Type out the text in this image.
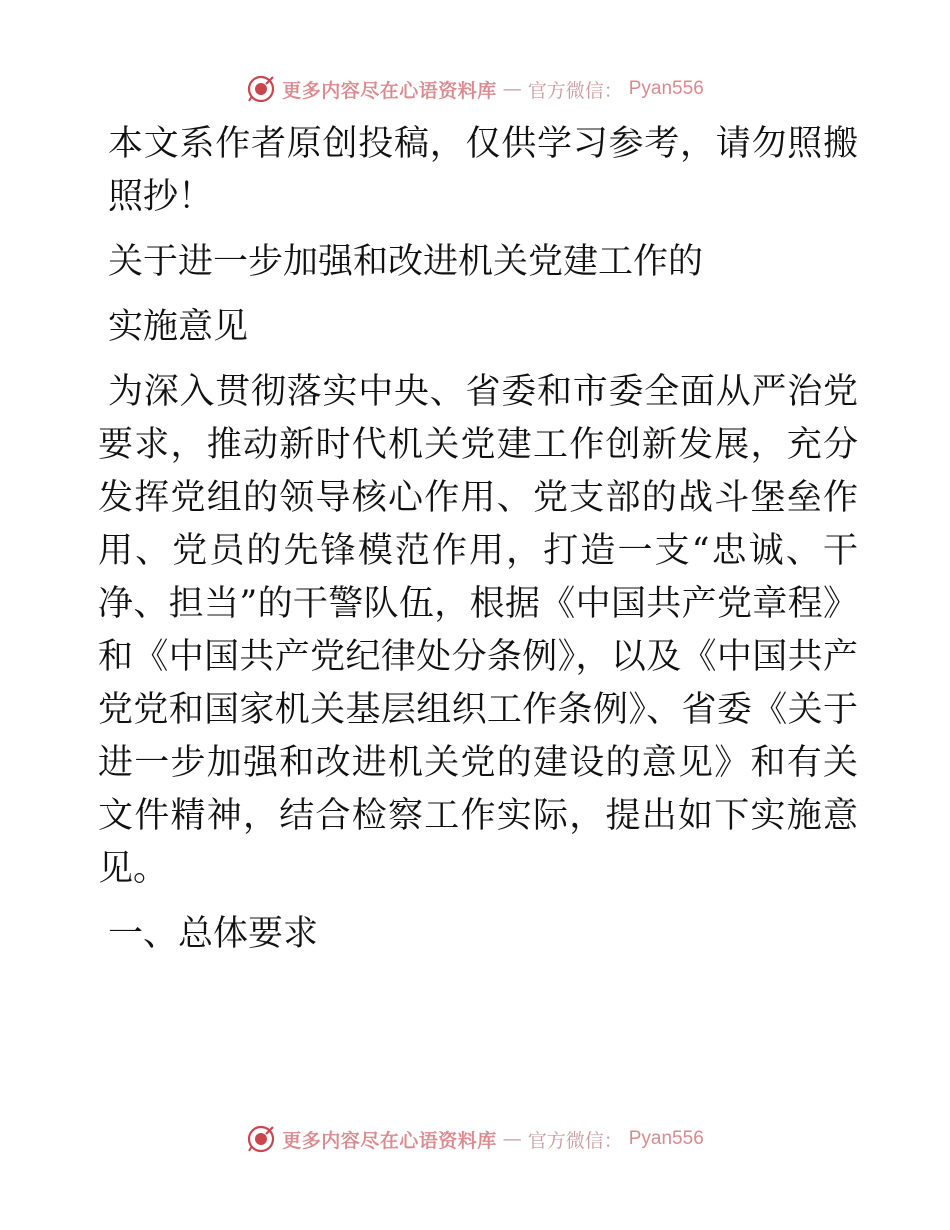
更多内容尽在心语资料库 — 官方微信： Pyan556

本文系作者原创投稿，仅供学习参考，请勿照搬照抄！

关于进一步加强和改进机关党建工作的

实施意见

为深入贯彻落实中央、省委和市委全面从严治党要求，推动新时代机关党建工作创新发展，充分发挥党组的领导核心作用、党支部的战斗堡垒作用、党员的先锋模范作用，打造一支“忠诚、干净、担当”的干警队伍，根据《中国共产党章程》和《中国共产党纪律处分条例》，以及《中国共产党党和国家机关基层组织工作条例》、省委《关于进一步加强和改进机关党的建设的意见》和有关文件精神，结合检察工作实际，提出如下实施意见。

一、总体要求

更多内容尽在心语资料库 — 官方微信： Pyan556
